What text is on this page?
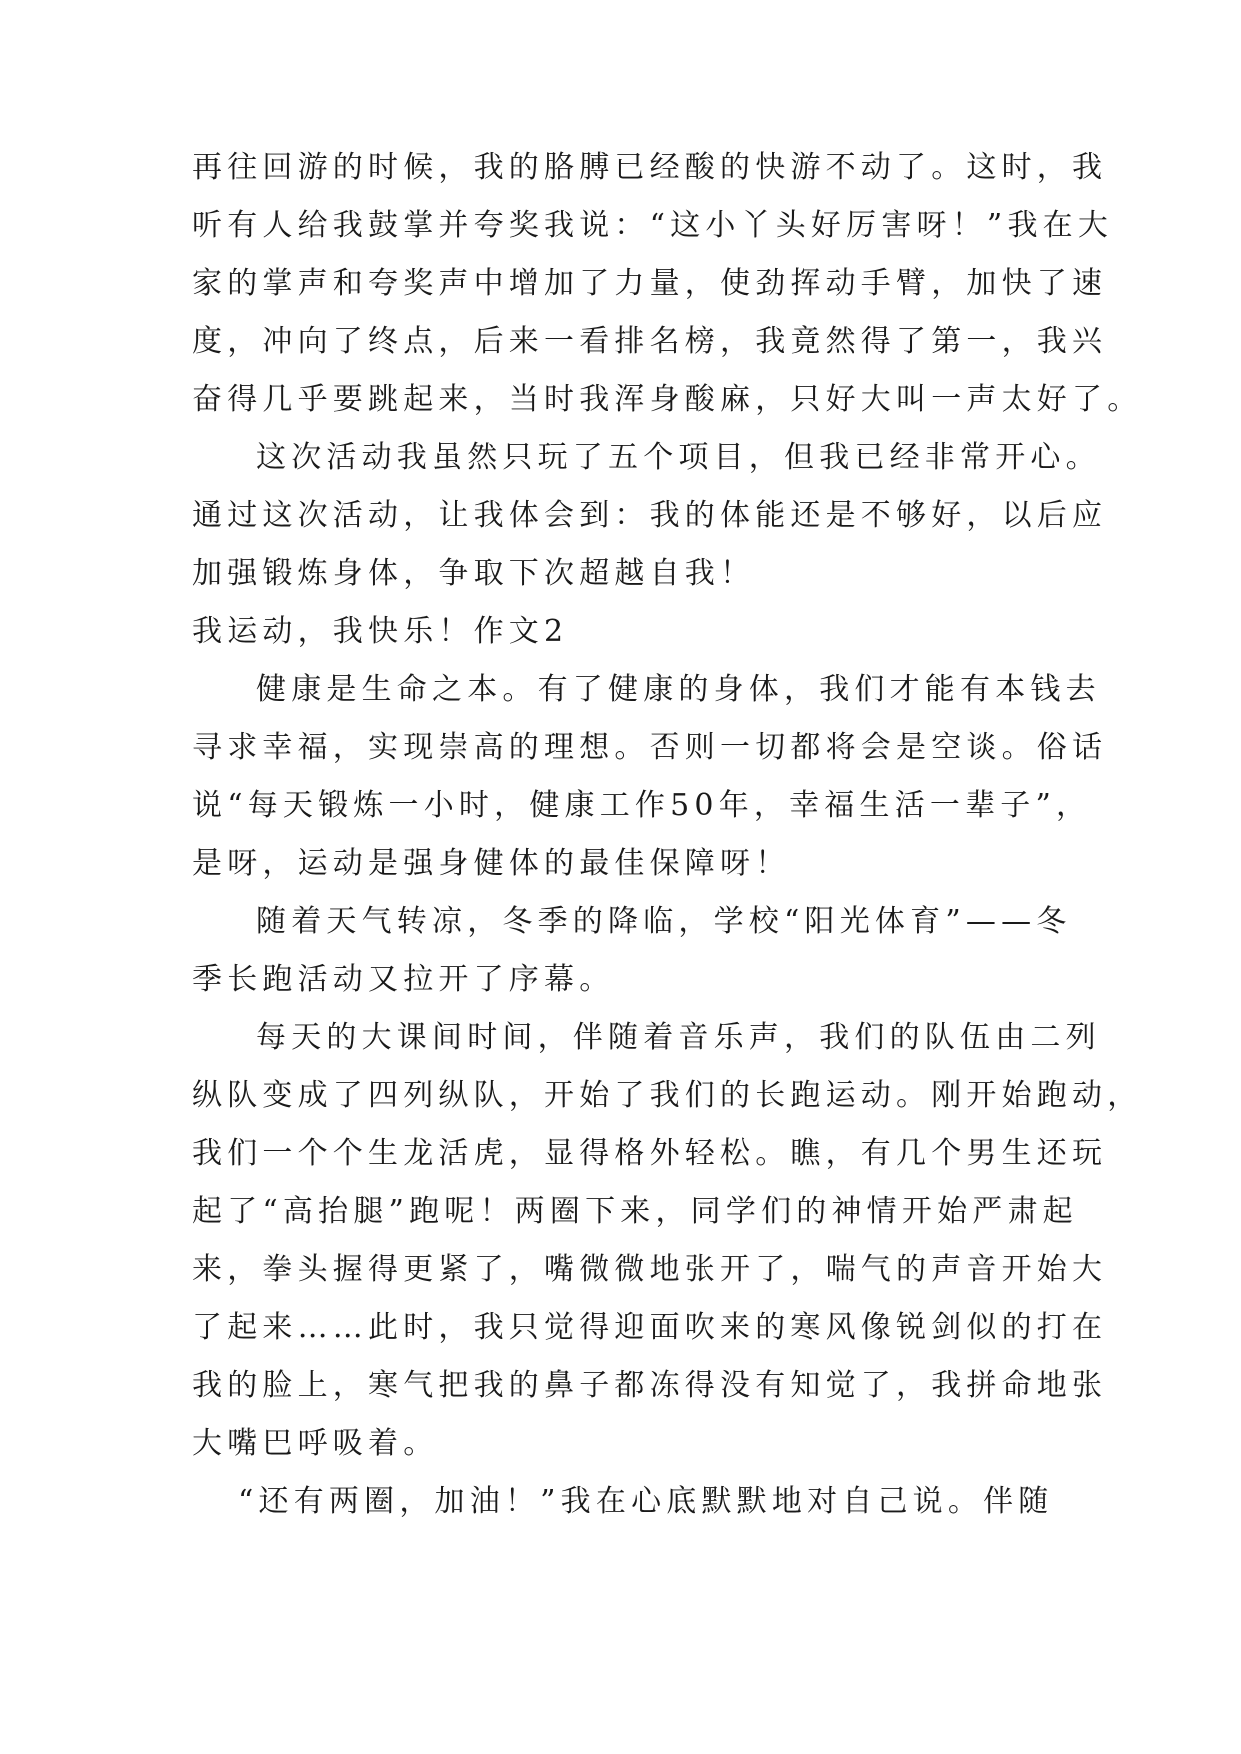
再往回游的时候，我的胳膊已经酸的快游不动了。这时，我
听有人给我鼓掌并夸奖我说：“这小丫头好厉害呀！”我在大
家的掌声和夸奖声中增加了力量，使劲挥动手臂，加快了速
度，冲向了终点，后来一看排名榜，我竟然得了第一，我兴
奋得几乎要跳起来，当时我浑身酸麻，只好大叫一声太好了。
这次活动我虽然只玩了五个项目，但我已经非常开心。
通过这次活动，让我体会到：我的体能还是不够好，以后应
加强锻炼身体，争取下次超越自我！
我运动，我快乐！作文2
健康是生命之本。有了健康的身体，我们才能有本钱去
寻求幸福，实现崇高的理想。否则一切都将会是空谈。俗话
说“每天锻炼一小时，健康工作50年，幸福生活一辈子”，
是呀，运动是强身健体的最佳保障呀！
随着天气转凉，冬季的降临，学校“阳光体育”——冬
季长跑活动又拉开了序幕。
每天的大课间时间，伴随着音乐声，我们的队伍由二列
纵队变成了四列纵队，开始了我们的长跑运动。刚开始跑动，
我们一个个生龙活虎，显得格外轻松。瞧，有几个男生还玩
起了“高抬腿”跑呢！两圈下来，同学们的神情开始严肃起
来，拳头握得更紧了，嘴微微地张开了，喘气的声音开始大
了起来……此时，我只觉得迎面吹来的寒风像锐剑似的打在
我的脸上，寒气把我的鼻子都冻得没有知觉了，我拼命地张
大嘴巴呼吸着。
“还有两圈，加油！”我在心底默默地对自己说。伴随
